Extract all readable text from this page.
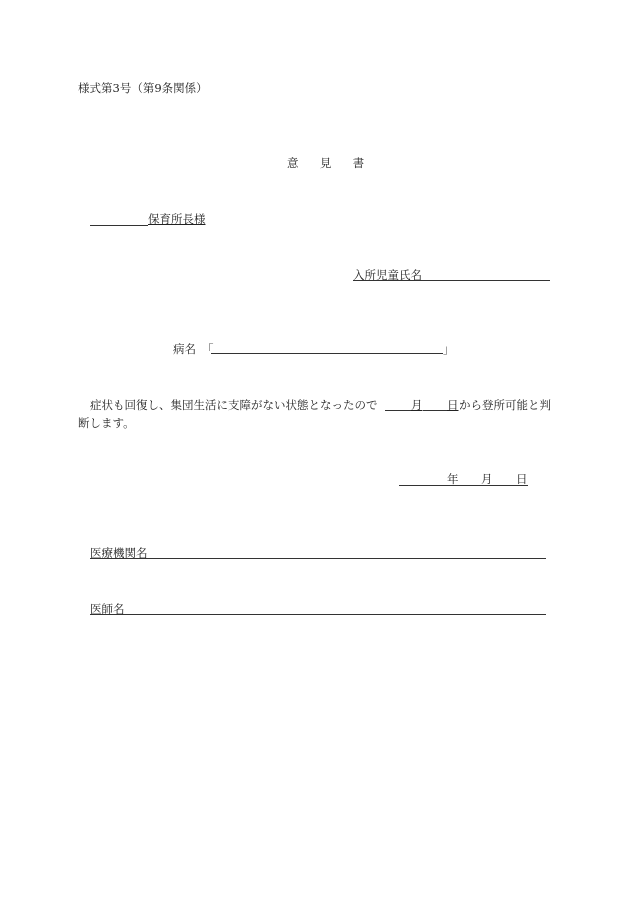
様式第3号（第9条関係）
意 見 書
保育所長様
入所児童氏名
病名 「	」
症状も回復し、集団生活に支障がない状態となったので	月 日 から登所可能と判
断します。
年 月 日
医療機関名
医師名
